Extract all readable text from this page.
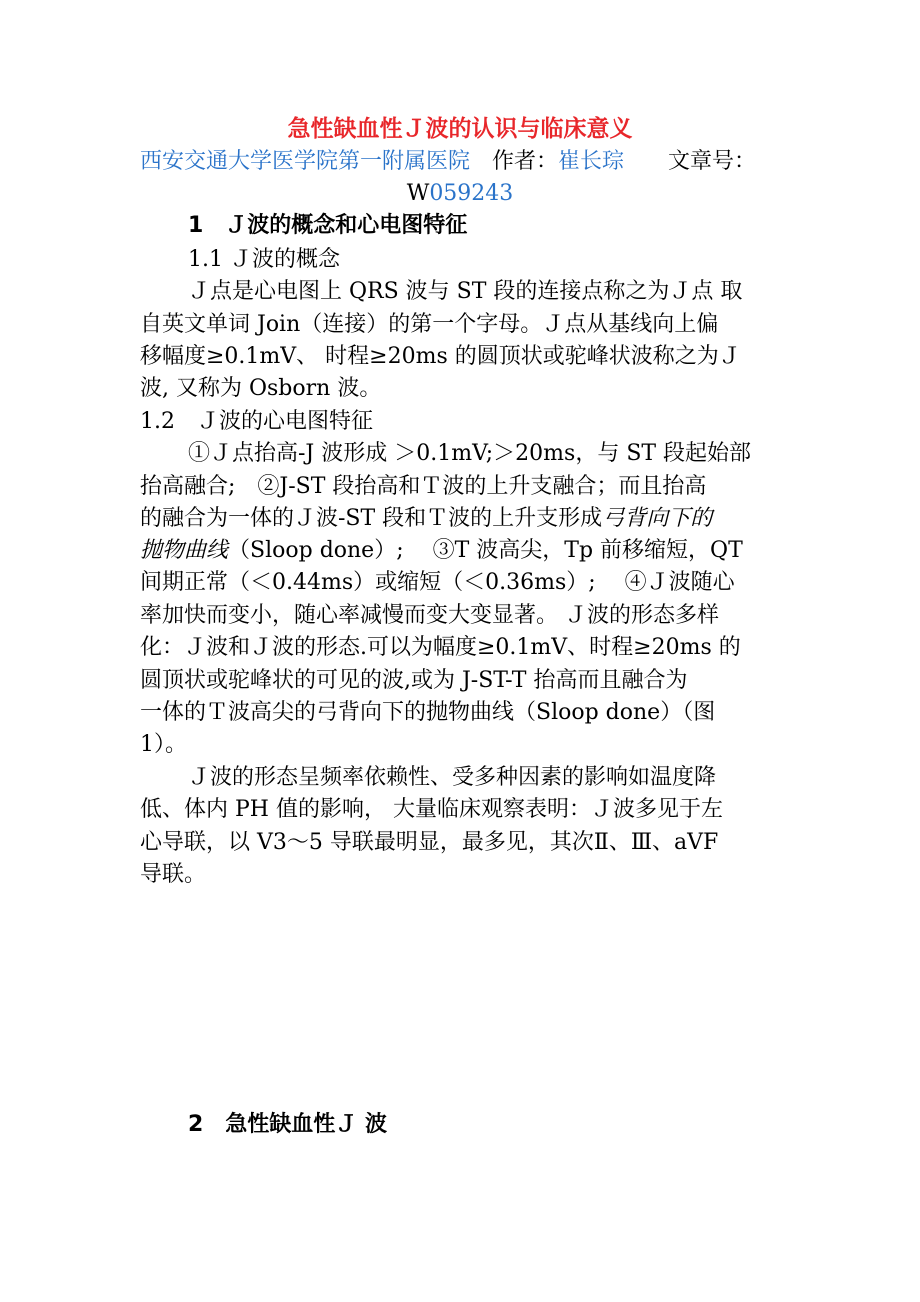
急性缺血性Ｊ波的认识与临床意义
西安交通大学医学院第一附属医院 作者：崔长琮 文章号：
W059243
1　Ｊ波的概念和心电图特征
1.1 Ｊ波的概念
Ｊ点是心电图上 QRS 波与 ST 段的连接点称之为Ｊ点 取
自英文单词 Join（连接）的第一个字母。Ｊ点从基线向上偏
移幅度≥0.1mV、 时程≥20ms 的圆顶状或驼峰状波称之为Ｊ
波, 又称为 Osborn 波。
1.2　Ｊ波的心电图特征
①Ｊ点抬高-J 波形成 ＞0.1mV;＞20ms，与 ST 段起始部
抬高融合;　②J-ST 段抬高和Ｔ波的上升支融合；而且抬高
的融合为一体的Ｊ波-ST 段和Ｔ波的上升支形成弓背向下的
抛物曲线（Sloop done）;　 ③T 波高尖，Tp 前移缩短，QT
间期正常（＜0.44ms）或缩短（＜0.36ms）;　 ④Ｊ波随心
率加快而变小，随心率减慢而变大变显著。 Ｊ波的形态多样
化：Ｊ波和Ｊ波的形态.可以为幅度≥0.1mV、时程≥20ms 的
圆顶状或驼峰状的可见的波,或为 J-ST-T 抬高而且融合为
一体的Ｔ波高尖的弓背向下的抛物曲线（Sloop done）（图
1）。
Ｊ波的形态呈频率依赖性、受多种因素的影响如温度降
低、体内 PH 值的影响， 大量临床观察表明：Ｊ波多见于左
心导联，以 V3～5 导联最明显，最多见，其次Ⅱ、Ⅲ、aVF
导联。
2　急性缺血性Ｊ 波
